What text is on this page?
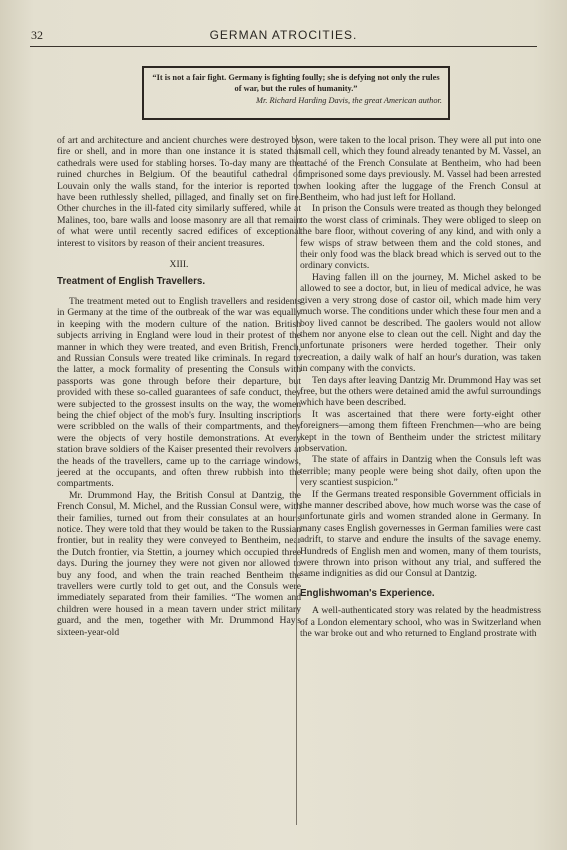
32	GERMAN ATROCITIES.
“It is not a fair fight. Germany is fighting foully; she is defying not only the rules of war, but the rules of humanity.”
Mr. Richard Harding Davis, the great American author.

of art and architecture and ancient churches were destroyed by fire or shell, and in more than one instance it is stated that cathedrals were used for stabling horses. To-day many are the ruined churches in Belgium. Of the beautiful cathedral of Louvain only the walls stand, for the interior is reported to have been ruthlessly shelled, pillaged, and finally set on fire. Other churches in the ill-fated city similarly suffered, while at Malines, too, bare walls and loose masonry are all that remain of what were until recently sacred edifices of exceptional interest to visitors by reason of their ancient treasures.

XIII.
Treatment of English Travellers.

The treatment meted out to English travellers and residents in Germany at the time of the outbreak of the war was equally in keeping with the modern culture of the nation. British subjects arriving in England were loud in their protest of the manner in which they were treated, and even British, French, and Russian Consuls were treated like criminals. In regard to the latter, a mock formality of presenting the Consuls with passports was gone through before their departure, but provided with these so-called guarantees of safe conduct, they were subjected to the grossest insults on the way, the women being the chief object of the mob's fury. Insulting inscriptions were scribbled on the walls of their compartments, and they were the objects of very hostile demonstrations. At every station brave soldiers of the Kaiser presented their revolvers at the heads of the travellers, came up to the carriage windows, jeered at the occupants, and often threw rubbish into the compartments.

Mr. Drummond Hay, the British Consul at Dantzig, the French Consul, M. Michel, and the Russian Consul were, with their families, turned out from their consulates at an hour's notice. They were told that they would be taken to the Russian frontier, but in reality they were conveyed to Bentheim, near the Dutch frontier, via Stettin, a journey which occupied three days. During the journey they were not given nor allowed to buy any food, and when the train reached Bentheim the travellers were curtly told to get out, and the Consuls were immediately separated from their families. “The women and children were housed in a mean tavern under strict military guard, and the men, together with Mr. Drummond Hay's sixteen-year-old

son, were taken to the local prison. They were all put into one small cell, which they found already tenanted by M. Vassel, an attaché of the French Consulate at Bentheim, who had been imprisoned some days previously. M. Vassel had been arrested when looking after the luggage of the French Consul at Bentheim, who had just left for Holland.

In prison the Consuls were treated as though they belonged to the worst class of criminals. They were obliged to sleep on the bare floor, without covering of any kind, and with only a few wisps of straw between them and the cold stones, and their only food was the black bread which is served out to the ordinary convicts.

Having fallen ill on the journey, M. Michel asked to be allowed to see a doctor, but, in lieu of medical advice, he was given a very strong dose of castor oil, which made him very much worse. The conditions under which these four men and a boy lived cannot be described. The gaolers would not allow them nor anyone else to clean out the cell. Night and day the unfortunate prisoners were herded together. Their only recreation, a daily walk of half an hour's duration, was taken in company with the convicts.

Ten days after leaving Dantzig Mr. Drummond Hay was set free, but the others were detained amid the awful surroundings which have been described.

It was ascertained that there were forty-eight other foreigners—among them fifteen Frenchmen—who are being kept in the town of Bentheim under the strictest military observation.

The state of affairs in Dantzig when the Consuls left was terrible; many people were being shot daily, often upon the very scantiest suspicion.”

If the Germans treated responsible Government officials in the manner described above, how much worse was the case of unfortunate girls and women stranded alone in Germany. In many cases English governesses in German families were cast adrift, to starve and endure the insults of the savage enemy. Hundreds of English men and women, many of them tourists, were thrown into prison without any trial, and suffered the same indignities as did our Consul at Dantzig.

Englishwoman's Experience.

A well-authenticated story was related by the headmistress of a London elementary school, who was in Switzerland when the war broke out and who returned to England prostrate with
